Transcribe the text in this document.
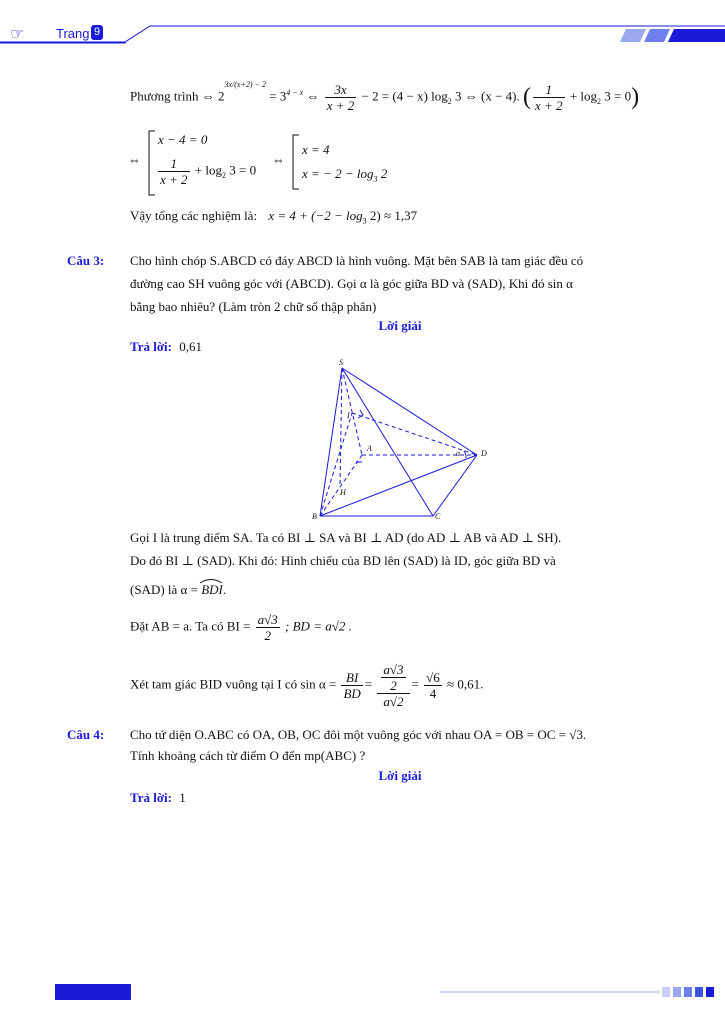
☞ Trang 9
Phương trình ⇔ $2^{3x/(x+2) - 2} = 3^{4 - x}$ ⇔ $\frac{3x}{x + 2} - 2 = (4 - x)$ $\log_2 3$ ⇔ (x − 4). ( $\frac{1}{x + 2} + \log_2 3 = 0$)
⇔
x − 4 = 0
$\frac{1}{x + 2} + \log_2 3 = 0$
⇔
x = 4
x = − $2 - \log_3 2$
Vậy tổng các nghiệm là: $x = 4 + (-2 - \log_3 2) \approx 1,37$
Câu 3: Cho hình chóp S.ABCD có đáy ABCD là hình vuông. Mặt bên SAB là tam giác đều có
đường cao SH vuông góc với (ABCD). Gọi α là góc giữa BD và (SAD), Khi đó sin α
bằng bao nhiêu? (Làm tròn 2 chữ số thập phân)
Lời giải
Trả lời: 0,61
S
I
A
D
α
H
B	C
Gọi I là trung điểm SA. Ta có BI ⊥ SA và BI ⊥ AD (do AD ⊥ AB và AD ⊥ SH).
Do đó BI ⊥ (SAD). Khi đó: Hình chiếu của BD lên (SAD) là ID, góc giữa BD và
(SAD) là α = BDI
.
Đặt AB = a. Ta có BI = $\frac{a√3}{2}$ ; BD = a√2 .
Xét tam giác BID vuông tại I có $\sin \alpha = \frac{BI}{BD} = \frac{\frac{a√3}{2}}{a√2} = \frac{√6}{4} \approx 0,61$.
Câu 4: Cho tứ diện O.ABC có OA, OB, OC đôi một vuông góc với nhau OA = OB = OC = √3.
Tính khoảng cách từ điểm O đến mp(ABC) ?
Lời giải
Trả lời: 1
